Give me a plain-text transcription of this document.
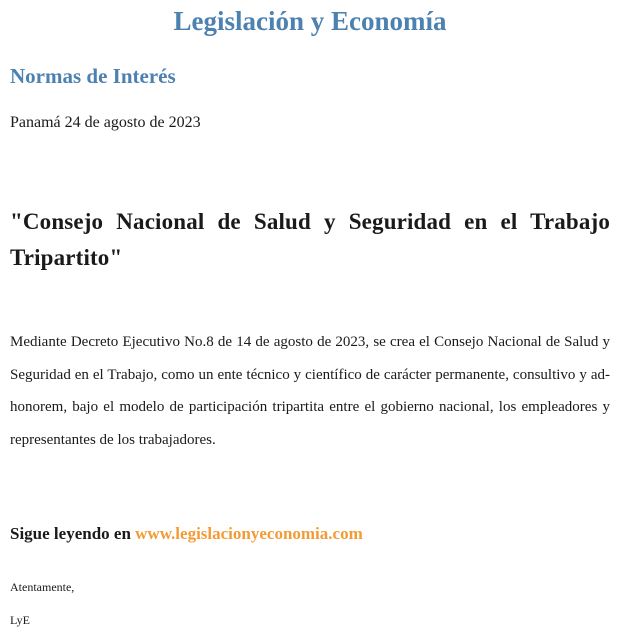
Legislación y Economía
Normas de Interés

Panamá 24 de agosto de 2023

"Consejo Nacional de Salud y Seguridad en el Trabajo Tripartito"

Mediante Decreto Ejecutivo No.8 de 14 de agosto de 2023, se crea el Consejo Nacional de Salud y Seguridad en el Trabajo, como un ente técnico y científico de carácter permanente, consultivo y ad-honorem, bajo el modelo de participación tripartita entre el gobierno nacional, los empleadores y representantes de los trabajadores.

Sigue leyendo en www.legislacionyeconomia.com

Atentamente,

LyE
